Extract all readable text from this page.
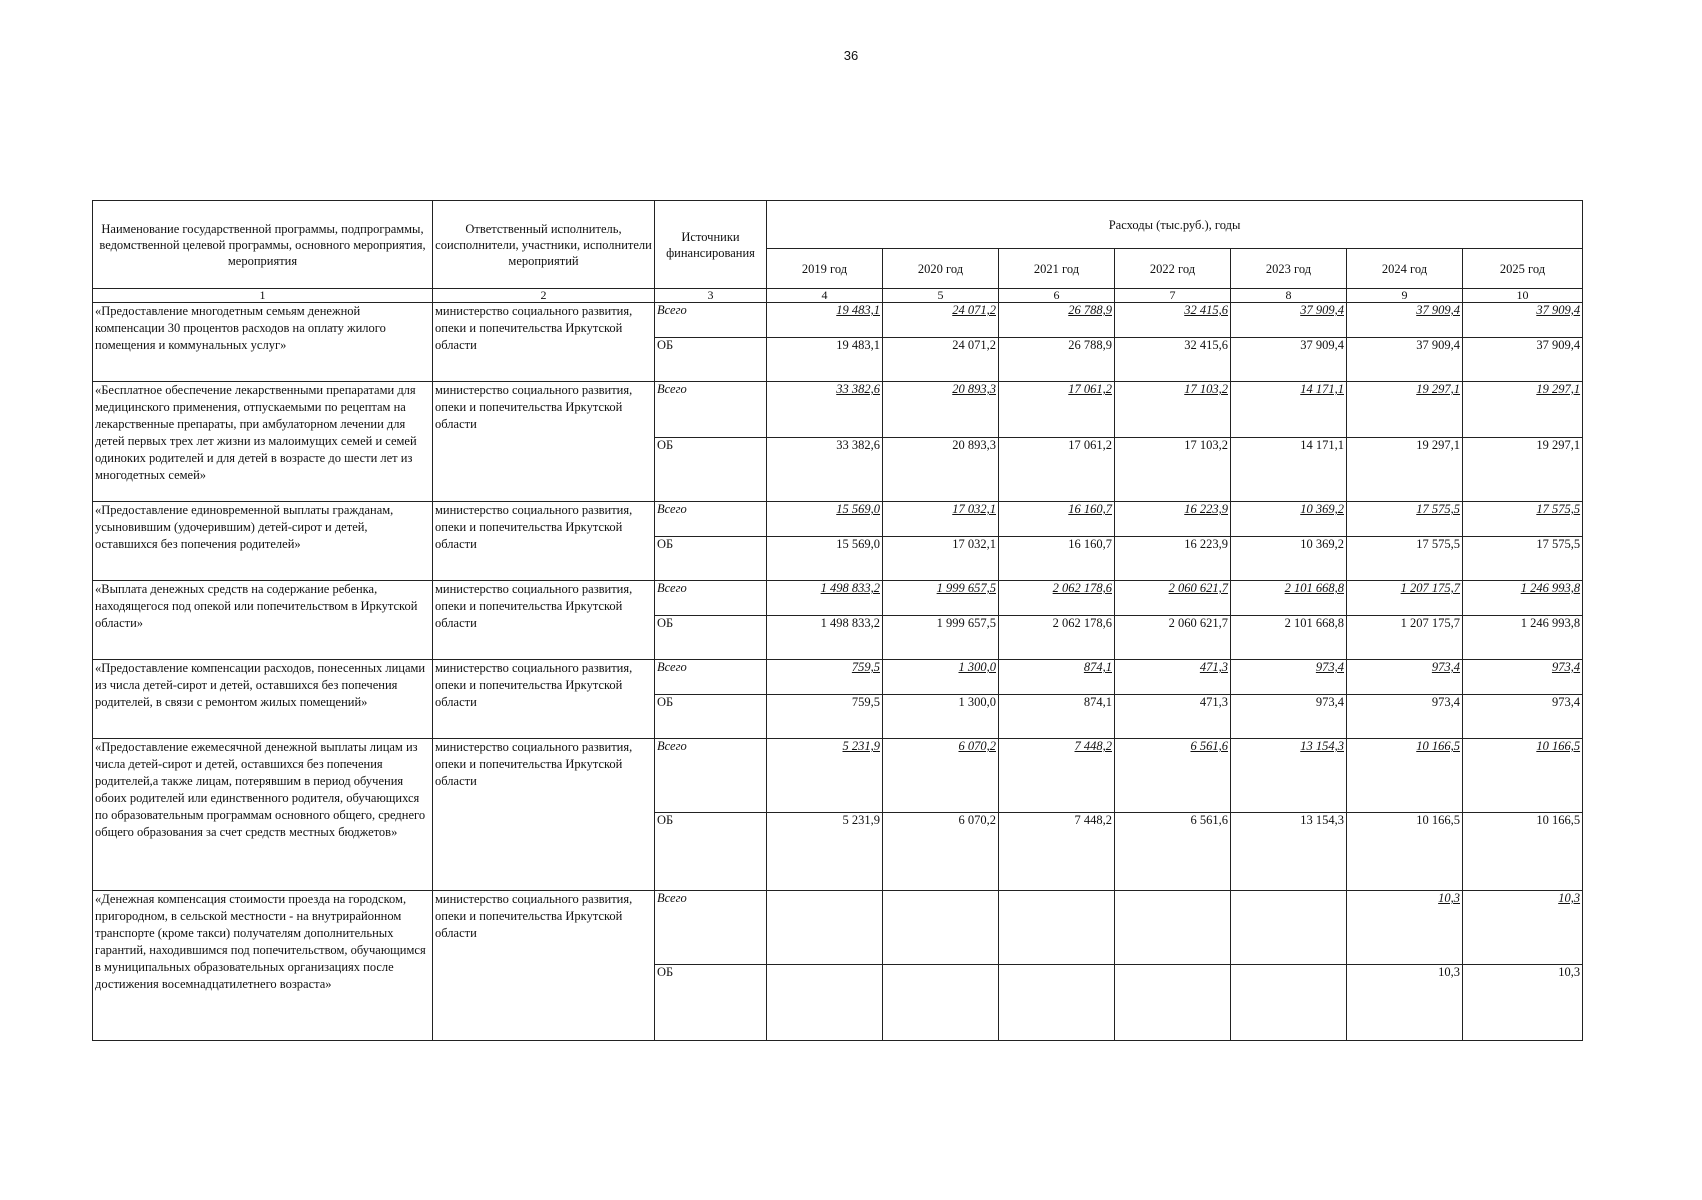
36
Наименование государственной программы, подпрограммы, ведомственной целевой программы, основного мероприятия, мероприятия	Ответственный исполнитель, соисполнители, участники, исполнители мероприятий	Источники финансирования	Расходы (тыс.руб.), годы						
			2019 год	2020 год	2021 год	2022 год	2023 год	2024 год	2025 год
1	2	3	4	5	6	7	8	9	10
«Предоставление многодетным семьям денежной компенсации 30 процентов расходов на оплату жилого помещения и коммунальных услуг»	министерство социального развития, опеки и попечительства Иркутской области	Всего	19 483,1	24 071,2	26 788,9	32 415,6	37 909,4	37 909,4	37 909,4
		ОБ	19 483,1	24 071,2	26 788,9	32 415,6	37 909,4	37 909,4	37 909,4
«Бесплатное обеспечение лекарственными препаратами для медицинского применения, отпускаемыми по рецептам на лекарственные препараты, при амбулаторном лечении для детей первых трех лет жизни из малоимущих семей и семей одиноких родителей и для детей в возрасте до шести лет из многодетных семей»	министерство социального развития, опеки и попечительства Иркутской области	Всего	33 382,6	20 893,3	17 061,2	17 103,2	14 171,1	19 297,1	19 297,1
		ОБ	33 382,6	20 893,3	17 061,2	17 103,2	14 171,1	19 297,1	19 297,1
«Предоставление единовременной выплаты гражданам, усыновившим (удочерившим) детей-сирот и детей, оставшихся без попечения родителей»	министерство социального развития, опеки и попечительства Иркутской области	Всего	15 569,0	17 032,1	16 160,7	16 223,9	10 369,2	17 575,5	17 575,5
		ОБ	15 569,0	17 032,1	16 160,7	16 223,9	10 369,2	17 575,5	17 575,5
«Выплата денежных средств на содержание ребенка, находящегося под опекой или попечительством в Иркутской области»	министерство социального развития, опеки и попечительства Иркутской области	Всего	1 498 833,2	1 999 657,5	2 062 178,6	2 060 621,7	2 101 668,8	1 207 175,7	1 246 993,8
		ОБ	1 498 833,2	1 999 657,5	2 062 178,6	2 060 621,7	2 101 668,8	1 207 175,7	1 246 993,8
«Предоставление компенсации расходов, понесенных лицами из числа детей-сирот и детей, оставшихся без попечения родителей, в связи с ремонтом жилых помещений»	министерство социального развития, опеки и попечительства Иркутской области	Всего	759,5	1 300,0	874,1	471,3	973,4	973,4	973,4
		ОБ	759,5	1 300,0	874,1	471,3	973,4	973,4	973,4
«Предоставление ежемесячной денежной выплаты лицам из числа детей-сирот и детей, оставшихся без попечения родителей,а также лицам, потерявшим в период обучения обоих родителей или единственного родителя, обучающихся по образовательным программам основного общего, среднего общего образования за счет средств местных бюджетов»	министерство социального развития, опеки и попечительства Иркутской области	Всего	5 231,9	6 070,2	7 448,2	6 561,6	13 154,3	10 166,5	10 166,5
		ОБ	5 231,9	6 070,2	7 448,2	6 561,6	13 154,3	10 166,5	10 166,5
«Денежная компенсация стоимости проезда на городском, пригородном, в сельской местности - на внутрирайонном транспорте (кроме такси) получателям дополнительных гарантий, находившимся под попечительством, обучающимся в муниципальных образовательных организациях после достижения восемнадцатилетнего возраста»	министерство социального развития, опеки и попечительства Иркутской области	Всего						10,3	10,3
		ОБ						10,3	10,3
